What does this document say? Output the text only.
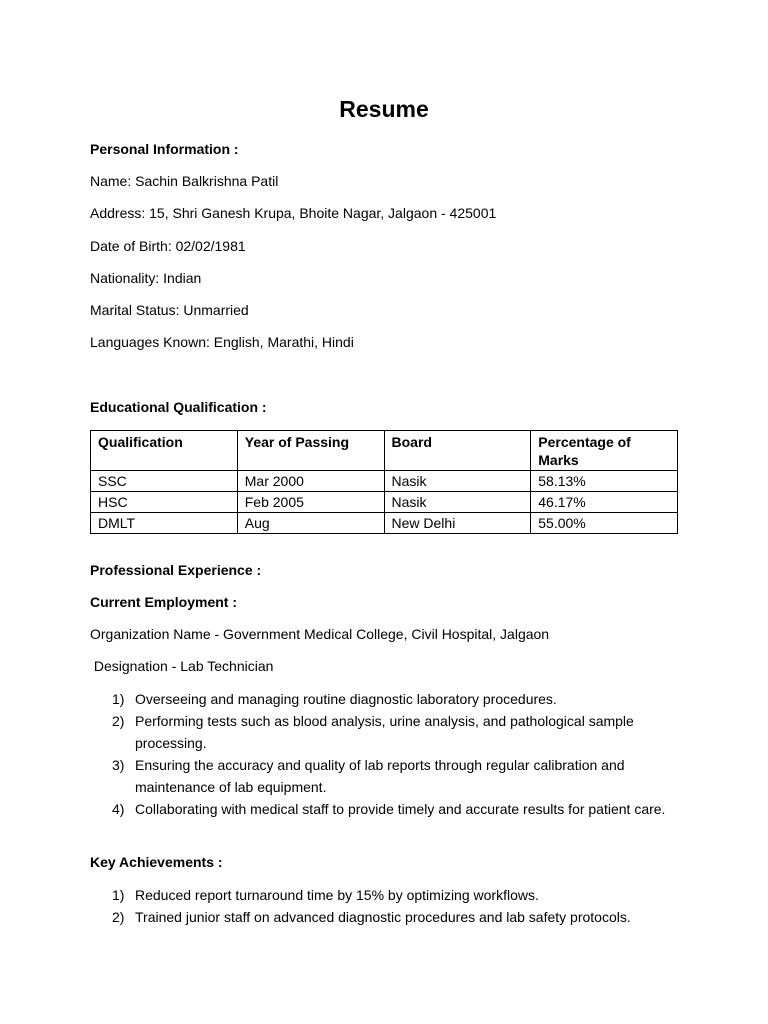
Resume
Personal Information :
Name: Sachin Balkrishna Patil
Address: 15, Shri Ganesh Krupa, Bhoite Nagar, Jalgaon - 425001
Date of Birth: 02/02/1981
Nationality: Indian
Marital Status: Unmarried
Languages Known: English, Marathi, Hindi
Educational Qualification :
Qualification	Year of Passing	Board	Percentage of Marks
SSC	Mar 2000	Nasik	58.13%
HSC	Feb 2005	Nasik	46.17%
DMLT	Aug	New Delhi	55.00%
Professional Experience :
Current Employment :
Organization Name - Government Medical College, Civil Hospital, Jalgaon
Designation - Lab Technician
1) Overseeing and managing routine diagnostic laboratory procedures.
2) Performing tests such as blood analysis, urine analysis, and pathological sample processing.
3) Ensuring the accuracy and quality of lab reports through regular calibration and maintenance of lab equipment.
4) Collaborating with medical staff to provide timely and accurate results for patient care.
Key Achievements :
1) Reduced report turnaround time by 15% by optimizing workflows.
2) Trained junior staff on advanced diagnostic procedures and lab safety protocols.
